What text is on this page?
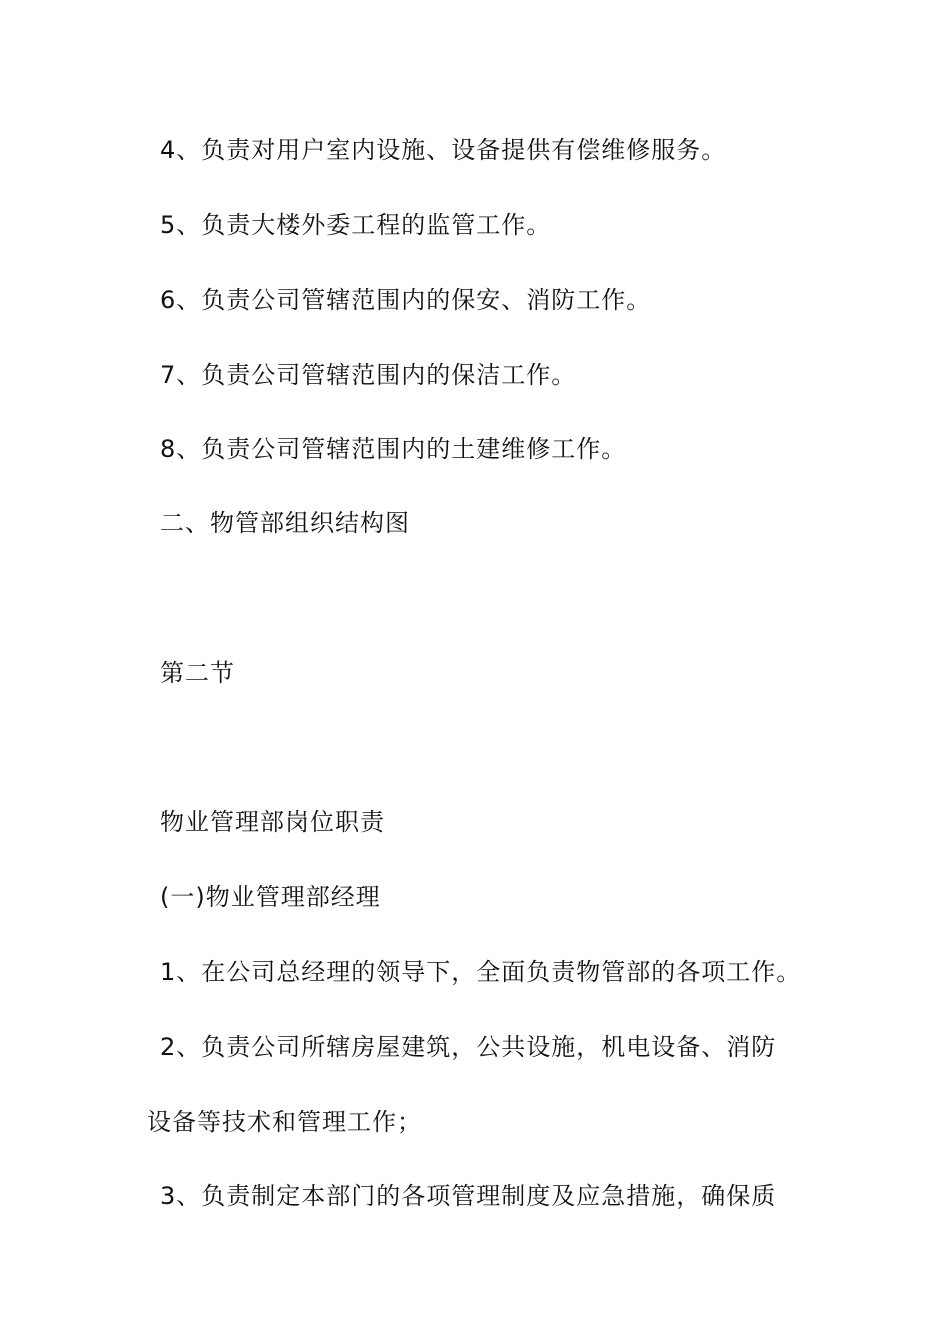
4、负责对用户室内设施、设备提供有偿维修服务。
5、负责大楼外委工程的监管工作。
6、负责公司管辖范围内的保安、消防工作。
7、负责公司管辖范围内的保洁工作。
8、负责公司管辖范围内的土建维修工作。
二、物管部组织结构图
第二节
物业管理部岗位职责
(一)物业管理部经理
1、在公司总经理的领导下，全面负责物管部的各项工作。
2、负责公司所辖房屋建筑，公共设施，机电设备、消防
设备等技术和管理工作；
3、负责制定本部门的各项管理制度及应急措施，确保质
